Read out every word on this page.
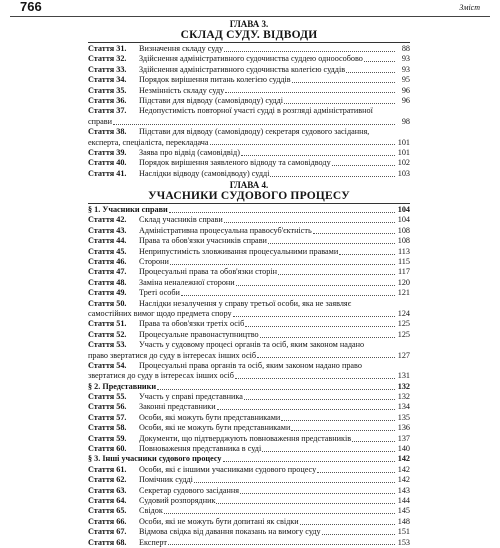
766	Зміст
ГЛАВА 3.
СКЛАД СУДУ. ВІДВОДИ
Стаття 31.	Визначення складу суду	88
Стаття 32.	Здійснення адміністративного судочинства суддею одноособово	93
Стаття 33.	Здійснення адміністративного судочинства колегією суддів	93
Стаття 34.	Порядок вирішення питань колегією суддів	95
Стаття 35.	Незмінність складу суду	96
Стаття 36.	Підстави для відводу (самовідводу) судді	96
Стаття 37.	Недопустимість повторної участі судді в розгляді адміністративної
справи	98
Стаття 38.	Підстави для відводу (самовідводу) секретаря судового засідання,
експерта, спеціаліста, перекладача	101
Стаття 39.	Заява про відвід (самовідвід)	101
Стаття 40.	Порядок вирішення заявленого відводу та самовідводу	102
Стаття 41.	Наслідки відводу (самовідводу) судді	103
ГЛАВА 4.
УЧАСНИКИ СУДОВОГО ПРОЦЕСУ
§ 1. Учасники справи	104
Стаття 42.	Склад учасників справи	104
Стаття 43.	Адміністративна процесуальна правосуб'єктність	108
Стаття 44.	Права та обов'язки учасників справи	108
Стаття 45.	Неприпустимість зловживання процесуальними правами	113
Стаття 46.	Сторони	115
Стаття 47.	Процесуальні права та обов'язки сторін	117
Стаття 48.	Заміна неналежної сторони	120
Стаття 49.	Треті особи	121
Стаття 50.	Наслідки незалучення у справу третьої особи, яка не заявляє
самостійних вимог щодо предмета спору	124
Стаття 51.	Права та обов'язки третіх осіб	125
Стаття 52.	Процесуальне правонаступництво	125
Стаття 53.	Участь у судовому процесі органів та осіб, яким законом надано
право звертатися до суду в інтересах інших осіб	127
Стаття 54.	Процесуальні права органів та осіб, яким законом надано право
звертатися до суду в інтересах інших осіб	131
§ 2. Представники	132
Стаття 55.	Участь у справі представника	132
Стаття 56.	Законні представники	134
Стаття 57.	Особи, які можуть бути представниками	135
Стаття 58.	Особи, які не можуть бути представниками	136
Стаття 59.	Документи, що підтверджують повноваження представників	137
Стаття 60.	Повноваження представника в суді	140
§ 3. Інші учасники судового процесу	142
Стаття 61.	Особи, які є іншими учасниками судового процесу	142
Стаття 62.	Помічник судді	142
Стаття 63.	Секретар судового засідання	143
Стаття 64.	Судовий розпорядник	144
Стаття 65.	Свідок	145
Стаття 66.	Особи, які не можуть бути допитані як свідки	148
Стаття 67.	Відмова свідка від давання показань на вимогу суду	151
Стаття 68.	Експерт	153
